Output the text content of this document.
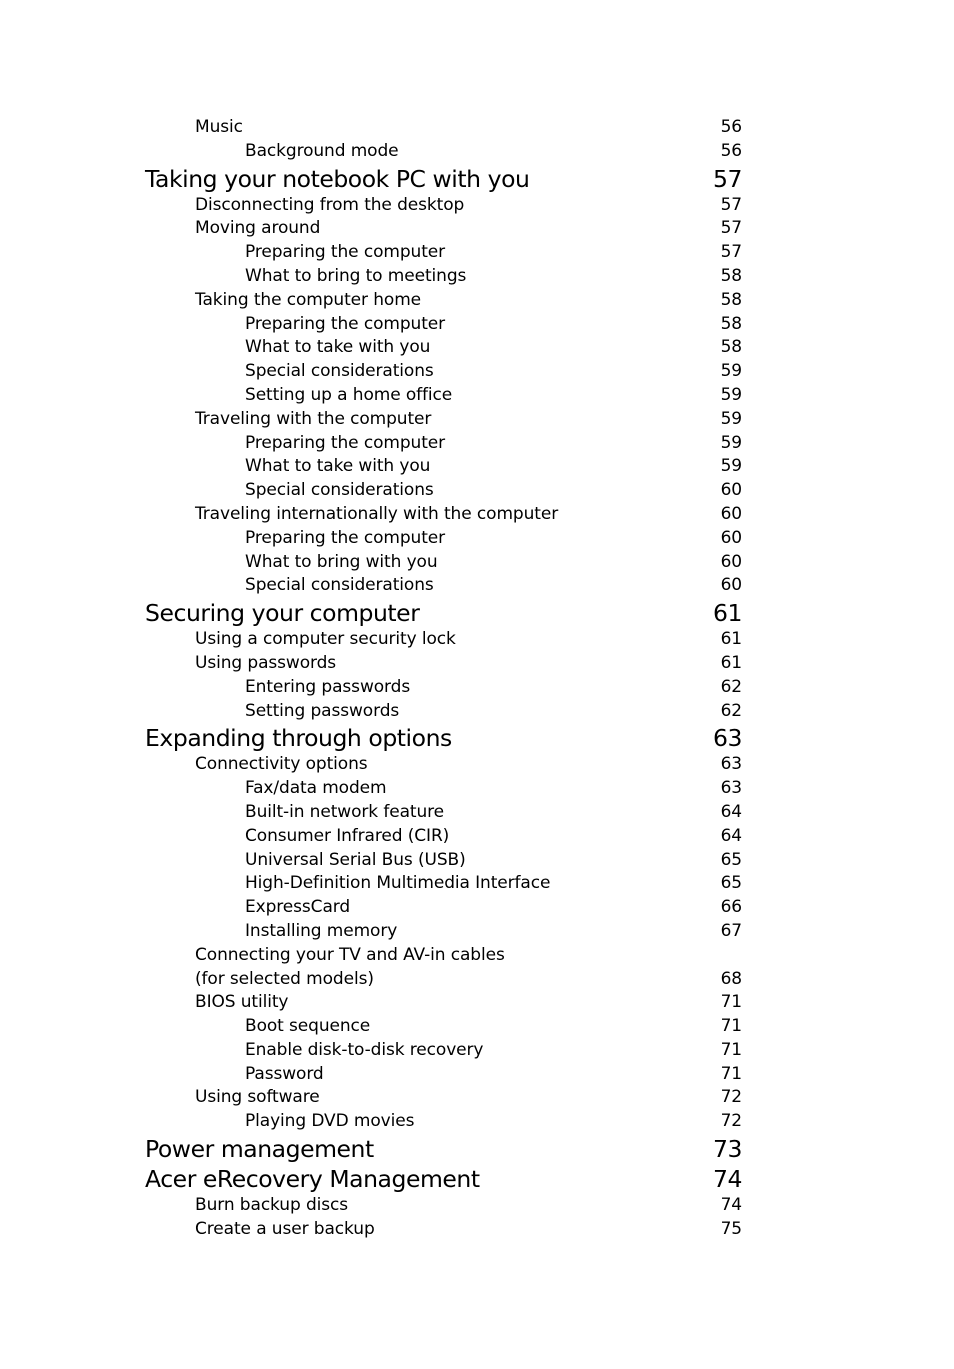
Music	56
Background mode	56
Taking your notebook PC with you	57
Disconnecting from the desktop	57
Moving around	57
Preparing the computer	57
What to bring to meetings	58
Taking the computer home	58
Preparing the computer	58
What to take with you	58
Special considerations	59
Setting up a home office	59
Traveling with the computer	59
Preparing the computer	59
What to take with you	59
Special considerations	60
Traveling internationally with the computer	60
Preparing the computer	60
What to bring with you	60
Special considerations	60
Securing your computer	61
Using a computer security lock	61
Using passwords	61
Entering passwords	62
Setting passwords	62
Expanding through options	63
Connectivity options	63
Fax/data modem	63
Built-in network feature	64
Consumer Infrared (CIR)	64
Universal Serial Bus (USB)	65
High-Definition Multimedia Interface	65
ExpressCard	66
Installing memory	67
Connecting your TV and AV-in cables
(for selected models)	68
BIOS utility	71
Boot sequence	71
Enable disk-to-disk recovery	71
Password	71
Using software	72
Playing DVD movies	72
Power management	73
Acer eRecovery Management	74
Burn backup discs	74
Create a user backup	75
